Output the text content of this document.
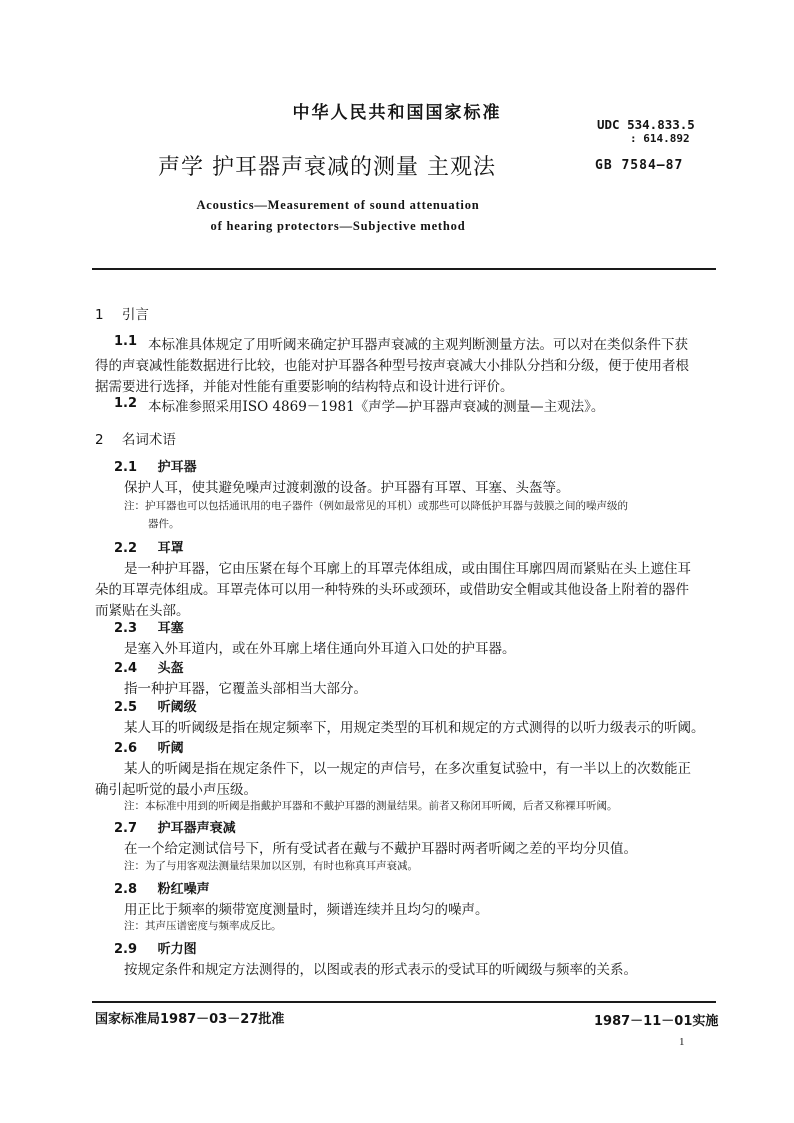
中华人民共和国国家标准
UDC 534.833.5
: 614.892
声学 护耳器声衰减的测量 主观法	GB 7584—87
Acoustics—Measurement of sound attenuation
of hearing protectors—Subjective method
1 引言
1.1 本标准具体规定了用听阈来确定护耳器声衰减的主观判断测量方法。可以对在类似条件下获
得的声衰减性能数据进行比较，也能对护耳器各种型号按声衰减大小排队分挡和分级，便于使用者根
据需要进行选择，并能对性能有重要影响的结构特点和设计进行评价。
1.2 本标准参照采用ISO 4869－1981《声学—护耳器声衰减的测量—主观法》。
2 名词术语
2.1 护耳器
保护人耳，使其避免噪声过渡刺激的设备。护耳器有耳罩、耳塞、头盔等。
注：护耳器也可以包括通讯用的电子器件（例如最常见的耳机）或那些可以降低护耳器与鼓膜之间的噪声级的
器件。
2.2 耳罩
是一种护耳器，它由压紧在每个耳廓上的耳罩壳体组成，或由围住耳廓四周而紧贴在头上遮住耳
朵的耳罩壳体组成。耳罩壳体可以用一种特殊的头环或颈环，或借助安全帽或其他设备上附着的器件
而紧贴在头部。
2.3 耳塞
是塞入外耳道内，或在外耳廓上堵住通向外耳道入口处的护耳器。
2.4 头盔
指一种护耳器，它覆盖头部相当大部分。
2.5 听阈级
某人耳的听阈级是指在规定频率下，用规定类型的耳机和规定的方式测得的以听力级表示的听阈。
2.6 听阈
某人的听阈是指在规定条件下，以一规定的声信号，在多次重复试验中，有一半以上的次数能正
确引起听觉的最小声压级。
注：本标准中用到的听阈是指戴护耳器和不戴护耳器的测量结果。前者又称闭耳听阈，后者又称裸耳听阈。
2.7 护耳器声衰减
在一个给定测试信号下，所有受试者在戴与不戴护耳器时两者听阈之差的平均分贝值。
注：为了与用客观法测量结果加以区别，有时也称真耳声衰减。
2.8 粉红噪声
用正比于频率的频带宽度测量时，频谱连续并且均匀的噪声。
注：其声压谱密度与频率成反比。
2.9 听力图
按规定条件和规定方法测得的，以图或表的形式表示的受试耳的听阈级与频率的关系。
国家标准局1987－03－27批准	1987－11－01实施
1
